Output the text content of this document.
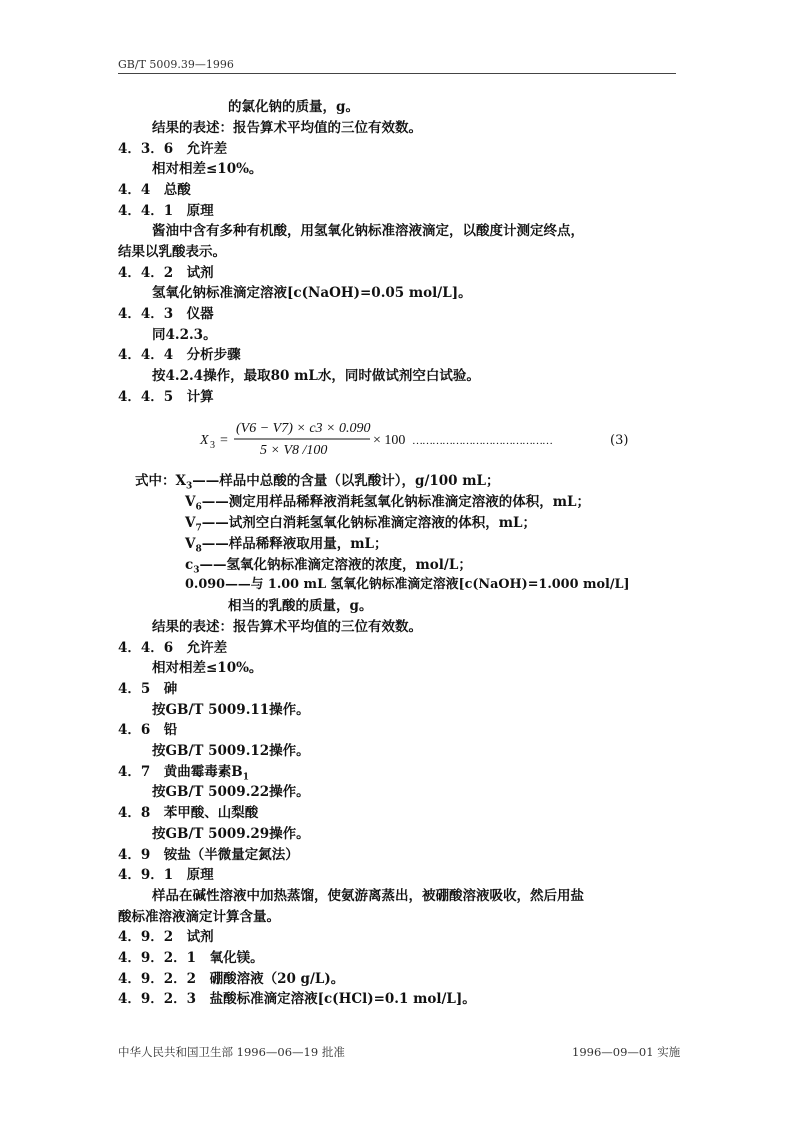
GB/T 5009.39—1996
的氯化钠的质量，g。
结果的表述：报告算术平均值的三位有效数。
4．3．6　允许差
相对相差≤10%。
4．4　总酸
4．4．1　原理
酱油中含有多种有机酸，用氢氧化钠标准溶液滴定，以酸度计测定终点，
结果以乳酸表示。
4．4．2　试剂
氢氧化钠标准滴定溶液[c(NaOH)=0.05 mol/L]。
4．4．3　仪器
同4.2.3。
4．4．4　分析步骤
按4.2.4操作，最取80 mL水，同时做试剂空白试验。
4．4．5　计算
X 3 =
(V6 − V7) × c3 × 0.090
5 × V8 /100
× 100 ……………………………………	(3)
式中：$X_3——$样品中总酸的含量（以乳酸计），g/100 mL；
$V_6——$测定用样品稀释液消耗氢氧化钠标准滴定溶液的体积，mL；
$V_7——$试剂空白消耗氢氧化钠标准滴定溶液的体积，mL；
$V_8——$样品稀释液取用量，mL；
$c_3——$氢氧化钠标准滴定溶液的浓度，mol/L；
0.090——与 1.00 mL 氢氧化钠标准滴定溶液[c(NaOH)=1.000 mol/L]
相当的乳酸的质量，g。
结果的表述：报告算术平均值的三位有效数。
4．4．6　允许差
相对相差≤10%。
4．5　砷
按GB/T 5009.11操作。
4．6　铅
按GB/T 5009.12操作。
4．7　黄曲霉毒素$B_1$
按GB/T 5009.22操作。
4．8　苯甲酸、山梨酸
按GB/T 5009.29操作。
4．9　铵盐（半微量定氮法）
4．9．1　原理
样品在碱性溶液中加热蒸馏，使氨游离蒸出，被硼酸溶液吸收，然后用盐
酸标准溶液滴定计算含量。
4．9．2　试剂
4．9．2．1　氧化镁。
4．9．2．2　硼酸溶液（20 g/L)。
4．9．2．3　盐酸标准滴定溶液[c(HCl)=0.1 mol/L]。
中华人民共和国卫生部 1996—06—19 批准	1996—09—01 实施
